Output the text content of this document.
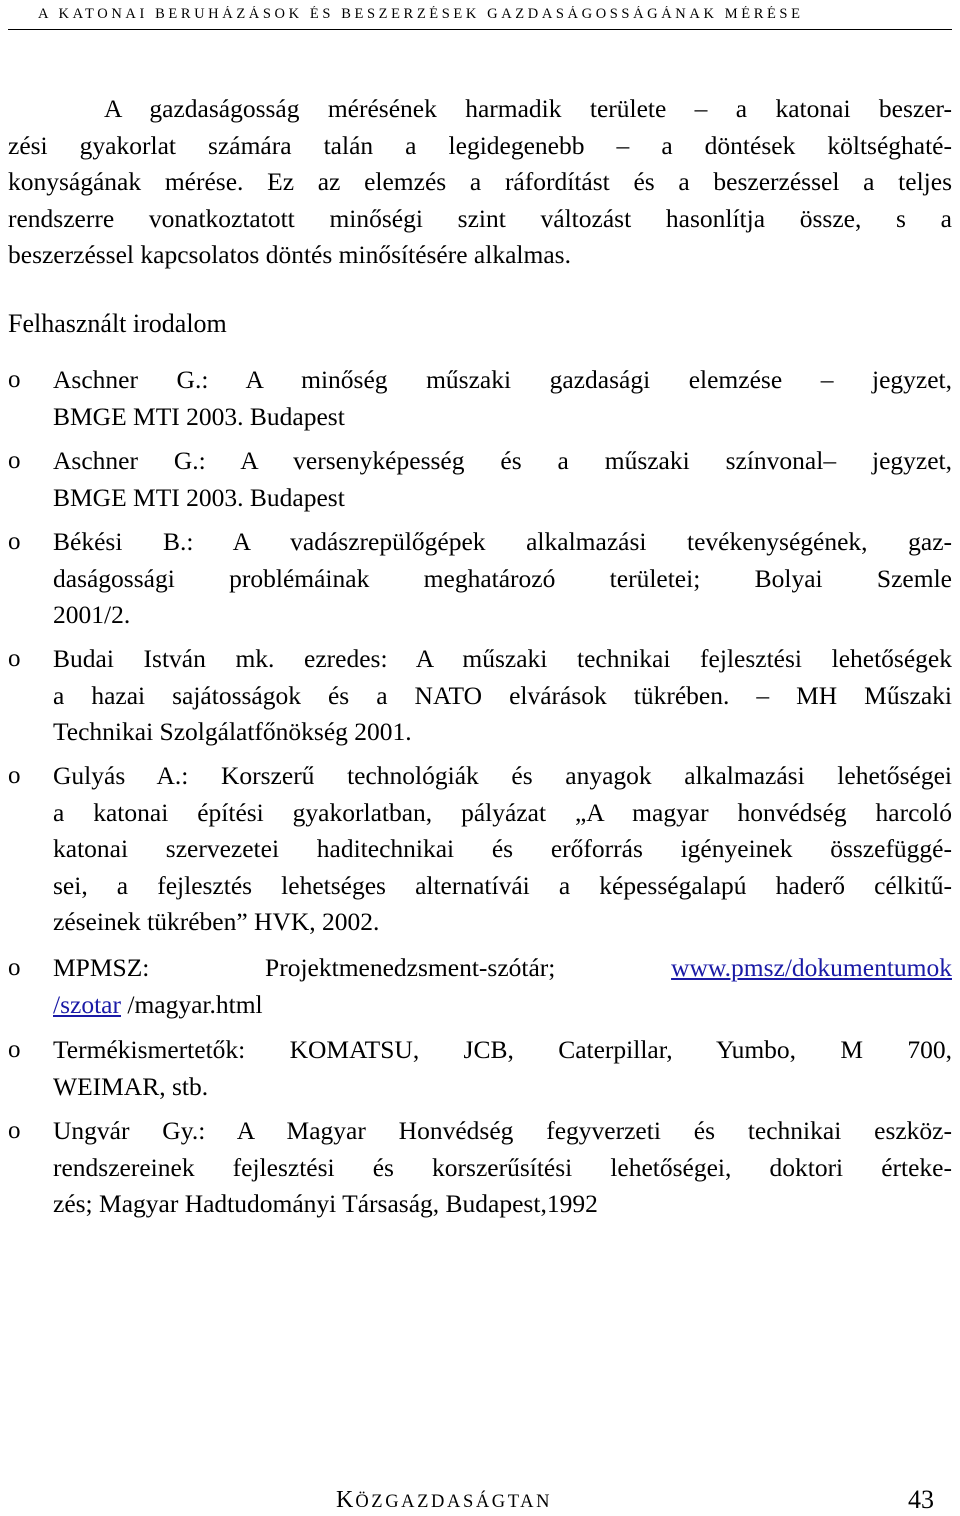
A KATONAI BERUHÁZÁSOK ÉS BESZERZÉSEK GAZDASÁGOSSÁGÁNAK MÉRÉSE
A gazdaságosság mérésének harmadik területe – a katonai beszer-
zési gyakorlat számára talán a legidegenebb – a döntések költséghaté-
konyságának mérése. Ez az elemzés a ráfordítást és a beszerzéssel a teljes
rendszerre vonatkoztatott minőségi szint változást hasonlítja össze, s a
beszerzéssel kapcsolatos döntés minősítésére alkalmas.
Felhasznált irodalom
o Aschner G.: A minőség műszaki gazdasági elemzése – jegyzet,
BMGE MTI 2003. Budapest
o Aschner G.: A versenyképesség és a műszaki színvonal– jegyzet,
BMGE MTI 2003. Budapest
o Békési B.: A vadászrepülőgépek alkalmazási tevékenységének, gaz-
daságossági problémáinak meghatározó területei; Bolyai Szemle
2001/2.
o Budai István mk. ezredes: A műszaki technikai fejlesztési lehetőségek
a hazai sajátosságok és a NATO elvárások tükrében. – MH Műszaki
Technikai Szolgálatfőnökség 2001.
o Gulyás A.: Korszerű technológiák és anyagok alkalmazási lehetőségei
a katonai építési gyakorlatban, pályázat „A magyar honvédség harcoló
katonai szervezetei haditechnikai és erőforrás igényeinek összefüggé-
sei, a fejlesztés lehetséges alternatívái a képességalapú haderő célkitű-
zéseinek tükrében” HVK, 2002.
o MPMSZ: Projektmenedzsment-szótár;	www.pmsz/dokumentumok
/szotar /magyar.html
o Termékismertetők: KOMATSU, JCB, Caterpillar, Yumbo, M 700,
WEIMAR, stb.
o Ungvár Gy.: A Magyar Honvédség fegyverzeti és technikai eszköz-
rendszereinek fejlesztési és korszerűsítési lehetőségei, doktori érteke-
zés; Magyar Hadtudományi Társaság, Budapest,1992
KÖZGAZDASÁGTAN	43
